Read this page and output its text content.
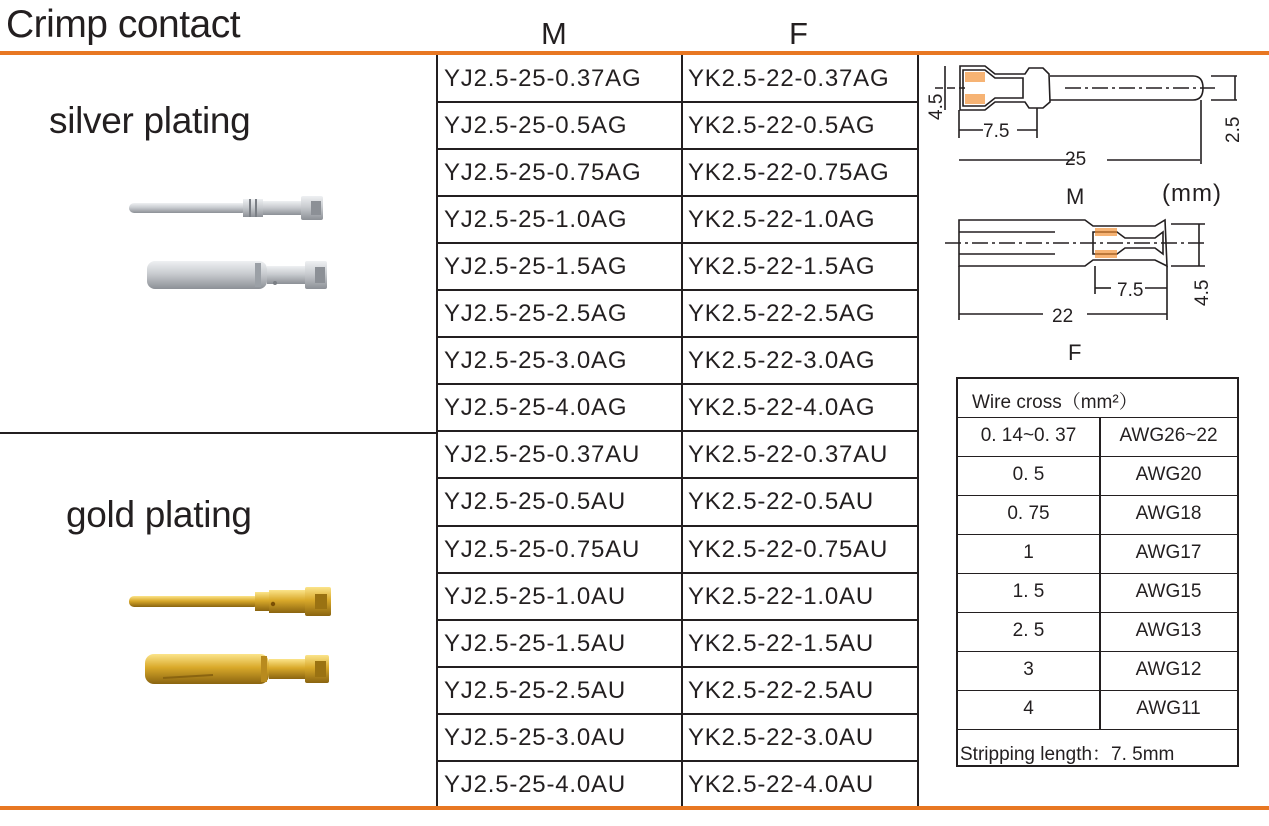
Crimp contact	M	F
YJ2.5-25-0.37AG YK2.5-22-0.37AG
YJ2.5-25-0.5AG	YK2.5-22-0.5AG
YJ2.5-25-0.75AG YK2.5-22-0.75AG
YJ2.5-25-1.0AG	YK2.5-22-1.0AG
YJ2.5-25-1.5AG	YK2.5-22-1.5AG
YJ2.5-25-2.5AG	YK2.5-22-2.5AG
YJ2.5-25-3.0AG	YK2.5-22-3.0AG
YJ2.5-25-4.0AG	YK2.5-22-4.0AG
YJ2.5-25-0.37AU YK2.5-22-0.37AU
YJ2.5-25-0.5AU	YK2.5-22-0.5AU
YJ2.5-25-0.75AU YK2.5-22-0.75AU
YJ2.5-25-1.0AU	YK2.5-22-1.0AU
YJ2.5-25-1.5AU	YK2.5-22-1.5AU
YJ2.5-25-2.5AU	YK2.5-22-2.5AU
YJ2.5-25-3.0AU	YK2.5-22-3.0AU
YJ2.5-25-4.0AU	YK2.5-22-4.0AU
silver plating
gold plating
4.5
7.5	2.5
25
M	(mm)
7.5	4.5
22
F
Wire cross（mm²）
Stripping length：7. 5mm
0. 14~0. 37	AWG26~22
0. 5	AWG20
0. 75	AWG18
1	AWG17
1. 5	AWG15
2. 5	AWG13
3	AWG12
4	AWG11
